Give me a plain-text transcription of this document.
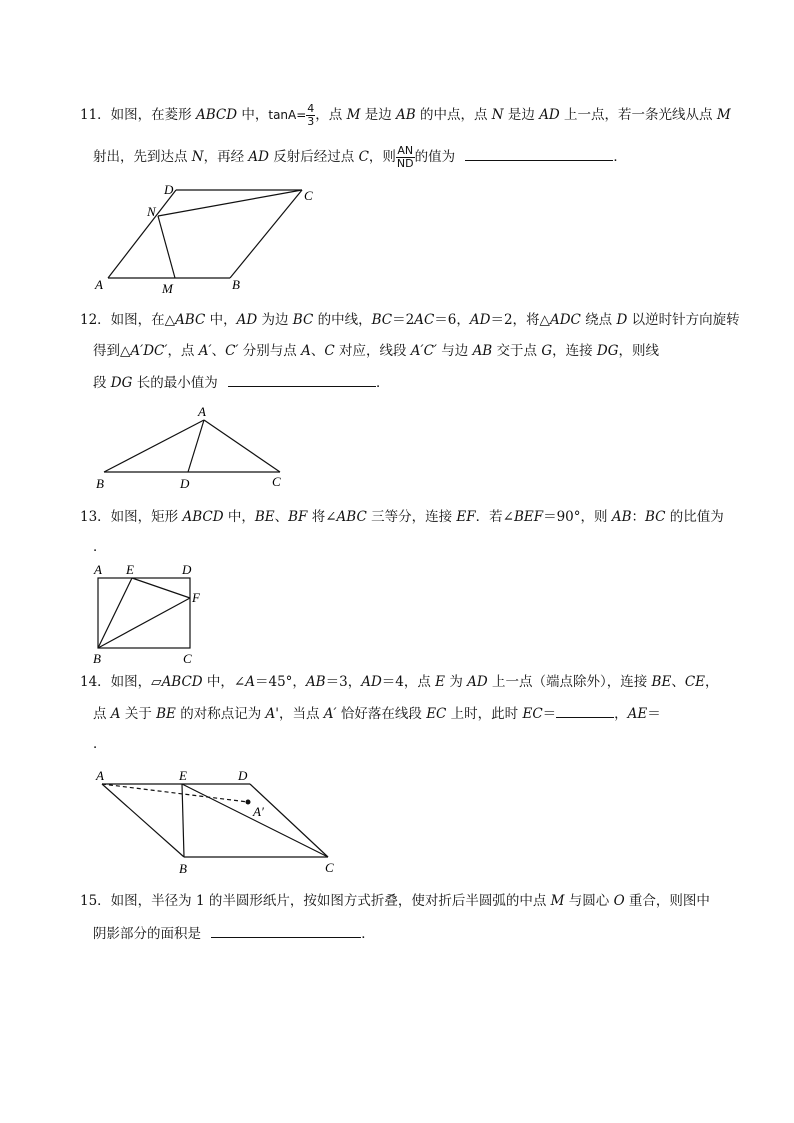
11．如图，在菱形 ABCD 中，$\tan A= \frac{4}{3}$ ，点 M 是边 AB 的中点，点 N 是边 AD 上一点，若一条光线从点 M
射出，先到达点 N，再经 AD 反射后经过点 C，则 $\frac{AN}{ND}$ 的值为	．
A	M	B
C
D
N
12．如图，在△ABC 中，AD 为边 BC 的中线，BC＝2AC＝6，AD＝2，将△ADC 绕点 D 以逆时针方向旋转
得到△A′DC′，点 A′、C′ 分别与点 A、C 对应，线段 A′C′ 与边 AB 交于点 G，连接 DG，则线
段 DG 长的最小值为	．
A
B	D	C
13．如图，矩形 ABCD 中，BE、BF 将∠ABC 三等分，连接 EF．若∠BEF＝90°，则 AB：BC 的比值为
．
A E	D
F
B	C
14．如图，▱ABCD 中，∠A＝45°，AB＝3，AD＝4，点 E 为 AD 上一点（端点除外），连接 BE、CE，
点 A 关于 BE 的对称点记为 A'，当点 A′ 恰好落在线段 EC 上时，此时 EC＝	，AE＝
．
A	E	D
A′
B	C
15．如图，半径为 1 的半圆形纸片，按如图方式折叠，使对折后半圆弧的中点 M 与圆心 O 重合，则图中
阴影部分的面积是	．
